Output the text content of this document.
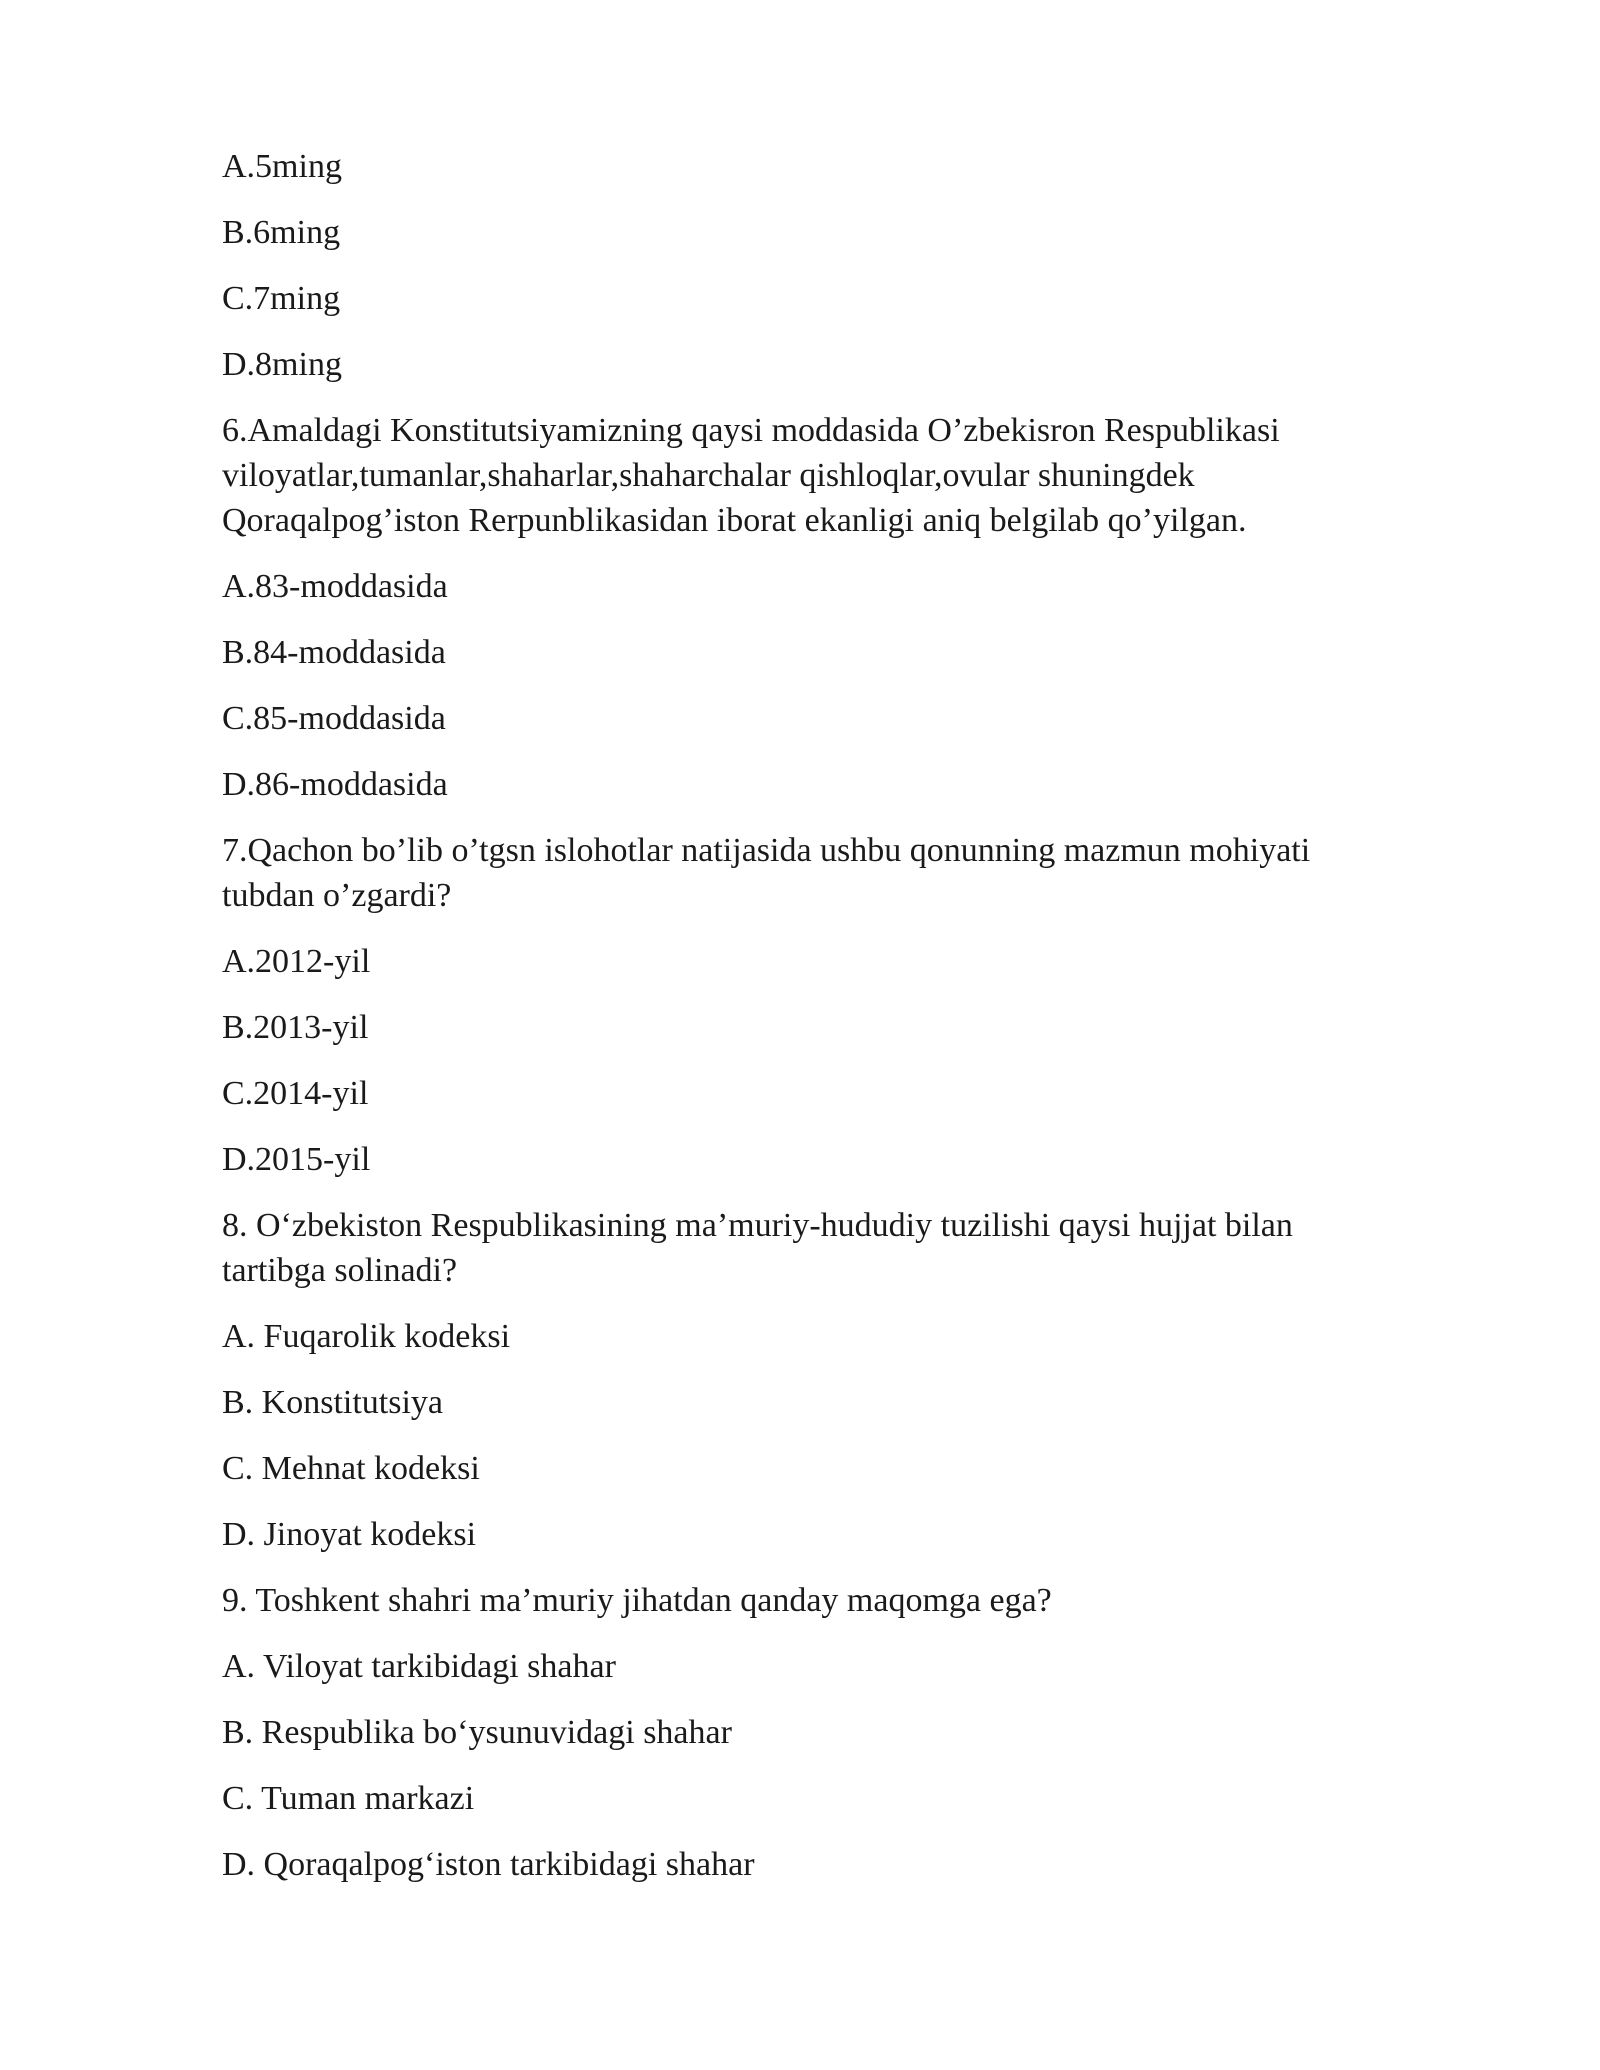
A.5ming
B.6ming
C.7ming
D.8ming
6.Amaldagi Konstitutsiyamizning qaysi moddasida O’zbekisron Respublikasi
viloyatlar,tumanlar,shaharlar,shaharchalar qishloqlar,ovular shuningdek
Qoraqalpog’iston Rerpunblikasidan iborat ekanligi aniq belgilab qo’yilgan.
A.83-moddasida
B.84-moddasida
C.85-moddasida
D.86-moddasida
7.Qachon bo’lib o’tgsn islohotlar natijasida ushbu qonunning mazmun mohiyati
tubdan o’zgardi?
A.2012-yil
B.2013-yil
C.2014-yil
D.2015-yil
8. O‘zbekiston Respublikasining ma’muriy-hududiy tuzilishi qaysi hujjat bilan
tartibga solinadi?
A. Fuqarolik kodeksi
B. Konstitutsiya
C. Mehnat kodeksi
D. Jinoyat kodeksi
9. Toshkent shahri ma’muriy jihatdan qanday maqomga ega?
A. Viloyat tarkibidagi shahar
B. Respublika bo‘ysunuvidagi shahar
C. Tuman markazi
D. Qoraqalpog‘iston tarkibidagi shahar
